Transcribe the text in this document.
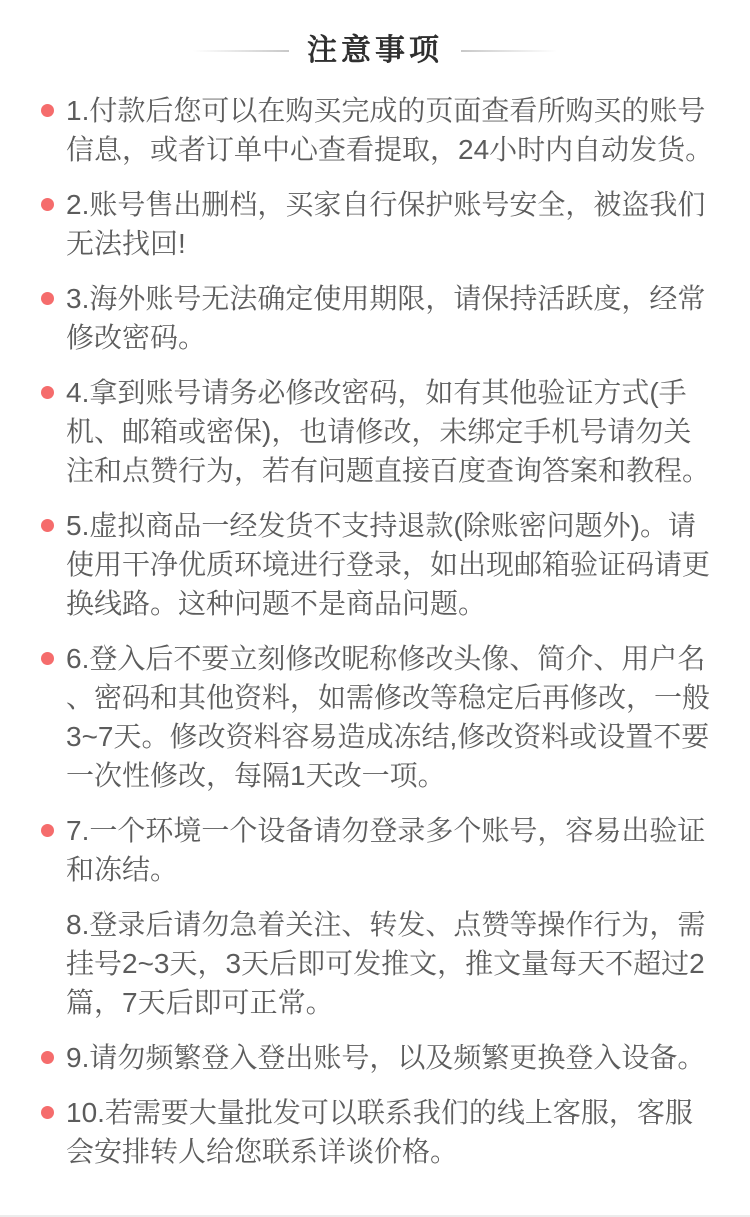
注意事项
1.付款后您可以在购买完成的页面查看所购买的账号信息，或者订单中心查看提取，24小时内自动发货。
2.账号售出删档，买家自行保护账号安全，被盗我们无法找回!
3.海外账号无法确定使用期限，请保持活跃度，经常修改密码。
4.拿到账号请务必修改密码，如有其他验证方式(手机、邮箱或密保)，也请修改，未绑定手机号请勿关注和点赞行为，若有问题直接百度查询答案和教程。
5.虚拟商品一经发货不支持退款(除账密问题外)。请使用干净优质环境进行登录，如出现邮箱验证码请更换线路。这种问题不是商品问题。
6.登入后不要立刻修改昵称修改头像、简介、用户名、密码和其他资料，如需修改等稳定后再修改，一般3~7天。修改资料容易造成冻结,修改资料或设置不要一次性修改，每隔1天改一项。
7.一个环境一个设备请勿登录多个账号，容易出验证和冻结。
8.登录后请勿急着关注、转发、点赞等操作行为，需挂号2~3天，3天后即可发推文，推文量每天不超过2篇，7天后即可正常。
9.请勿频繁登入登出账号，以及频繁更换登入设备。
10.若需要大量批发可以联系我们的线上客服，客服会安排转人给您联系详谈价格。
